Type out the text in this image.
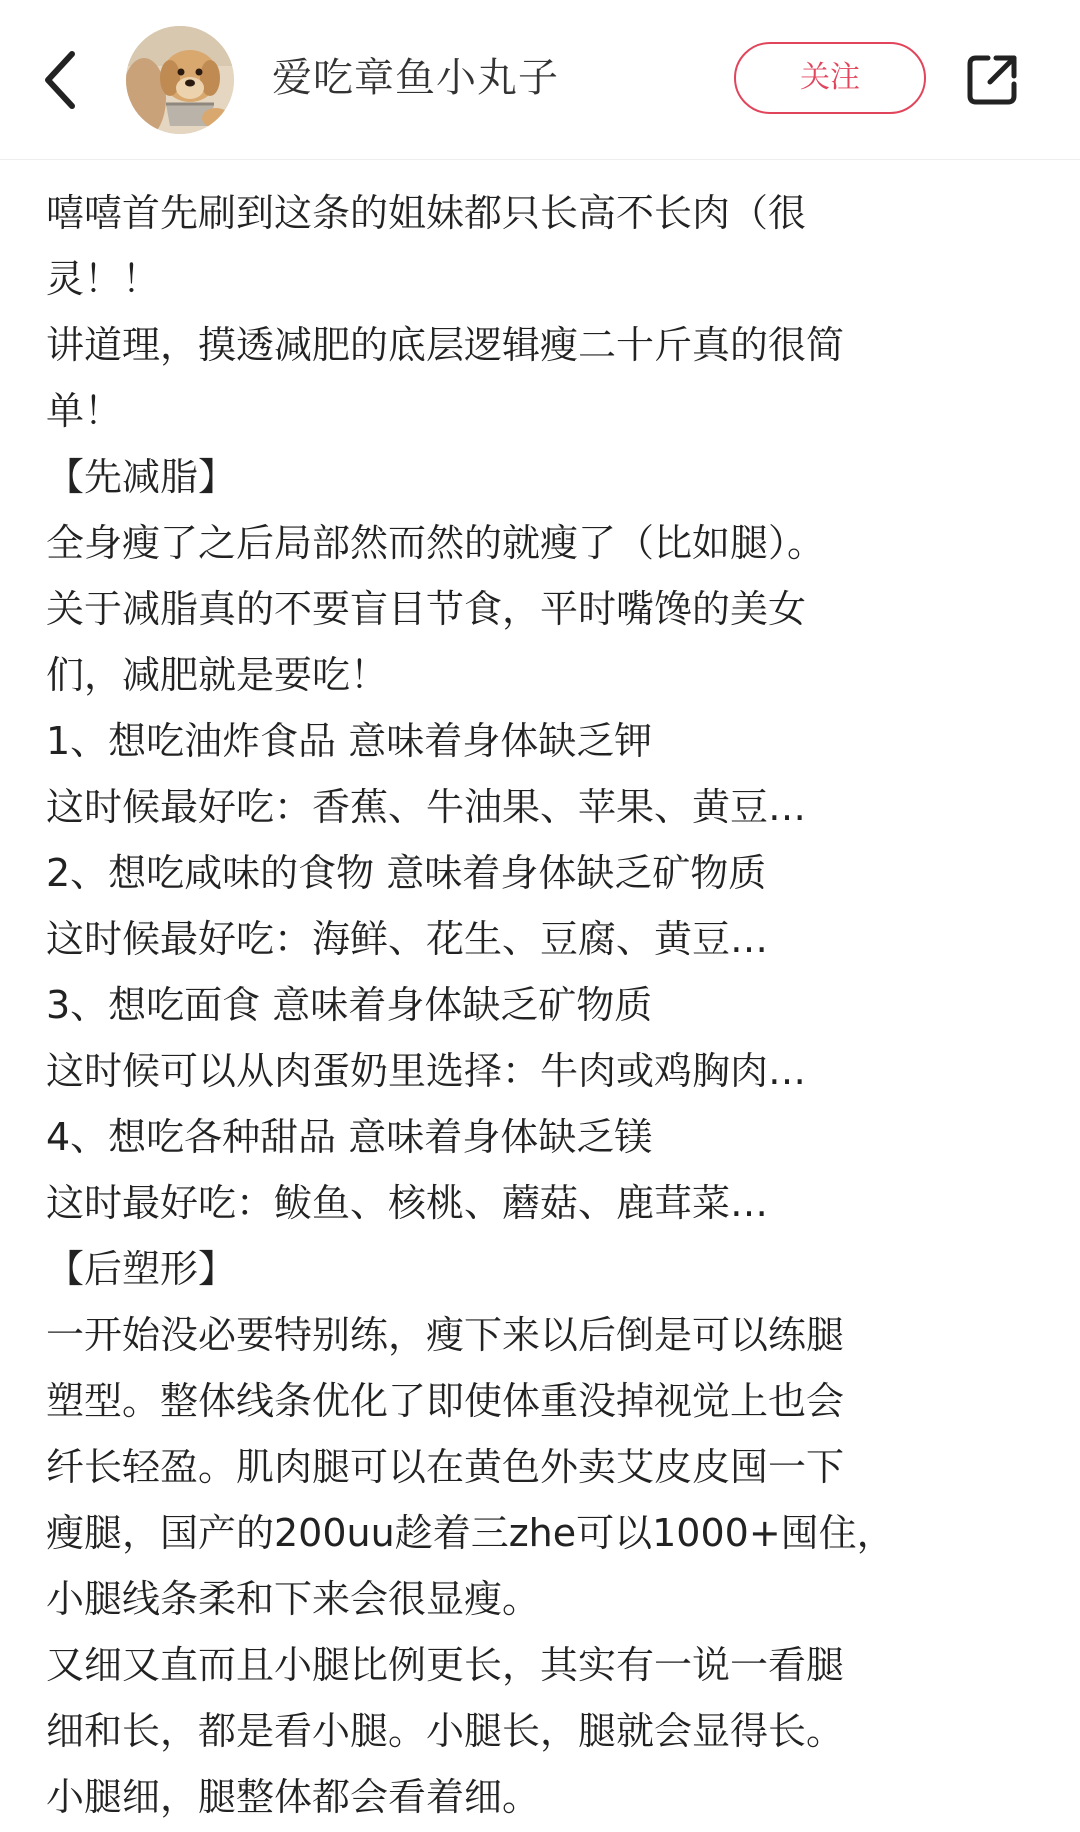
爱吃章鱼小丸子	关注
嘻嘻首先刷到这条的姐妹都只长高不长肉（很
灵！！
讲道理，摸透减肥的底层逻辑瘦二十斤真的很简
单！
【先减脂】
全身瘦了之后局部然而然的就瘦了（比如腿）。
关于减脂真的不要盲目节食，平时嘴馋的美女
们，减肥就是要吃！
1、想吃油炸食品 意味着身体缺乏钾
这时候最好吃：香蕉、牛油果、苹果、黄豆…
2、想吃咸味的食物 意味着身体缺乏矿物质
这时候最好吃：海鲜、花生、豆腐、黄豆…
3、想吃面食 意味着身体缺乏矿物质
这时候可以从肉蛋奶里选择：牛肉或鸡胸肉…
4、想吃各种甜品 意味着身体缺乏镁
这时最好吃：鲅鱼、核桃、蘑菇、鹿茸菜…
【后塑形】
一开始没必要特别练，瘦下来以后倒是可以练腿
塑型。整体线条优化了即使体重没掉视觉上也会
纤长轻盈。肌肉腿可以在黄色外卖艾皮皮囤一下
瘦腿，国产的200uu趁着三zhe可以1000+囤住，
小腿线条柔和下来会很显瘦。
又细又直而且小腿比例更长，其实有一说一看腿
细和长，都是看小腿。小腿长，腿就会显得长。
小腿细，腿整体都会看着细。
